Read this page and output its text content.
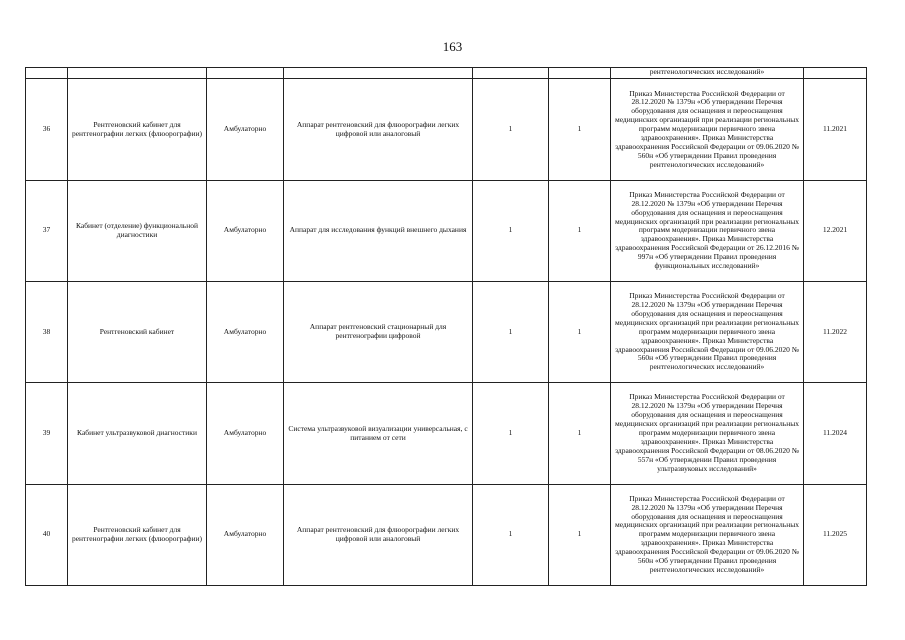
163
						рентгенологических исследований»	
36	Рентгеновский кабинет для рентгенографии легких (флюорографии)	Амбулаторно	Аппарат рентгеновский для флюорографии легких цифровой или аналоговый	1	1	Приказ Министерства Российской Федерации от 28.12.2020 № 1379н «Об утверждении Перечня оборудования для оснащения и переоснащения медицинских организаций при реализации региональных программ модернизации первичного звена здравоохранения». Приказ Министерства здравоохранения Российской Федерации от 09.06.2020 № 560н «Об утверждении Правил проведения рентгенологических исследований»	11.2021
37	Кабинет (отделение) функциональной диагностики	Амбулаторно	Аппарат для исследования функций внешнего дыхания	1	1	Приказ Министерства Российской Федерации от 28.12.2020 № 1379н «Об утверждении Перечня оборудования для оснащения и переоснащения медицинских организаций при реализации региональных программ модернизации первичного звена здравоохранения». Приказ Министерства здравоохранения Российской Федерации от 26.12.2016 № 997н «Об утверждении Правил проведения функциональных исследований»	12.2021
38	Рентгеновский кабинет	Амбулаторно	Аппарат рентгеновский стационарный для рентгенографии цифровой	1	1	Приказ Министерства Российской Федерации от 28.12.2020 № 1379н «Об утверждении Перечня оборудования для оснащения и переоснащения медицинских организаций при реализации региональных программ модернизации первичного звена здравоохранения». Приказ Министерства здравоохранения Российской Федерации от 09.06.2020 № 560н «Об утверждении Правил проведения рентгенологических исследований»	11.2022
39	Кабинет ультразвуковой диагностики	Амбулаторно	Система ультразвуковой визуализации универсальная, с питанием от сети	1	1	Приказ Министерства Российской Федерации от 28.12.2020 № 1379н «Об утверждении Перечня оборудования для оснащения и переоснащения медицинских организаций при реализации региональных программ модернизации первичного звена здравоохранения». Приказ Министерства здравоохранения Российской Федерации от 08.06.2020 № 557н «Об утверждении Правил проведения ультразвуковых исследований»	11.2024
40	Рентгеновский кабинет для рентгенографии легких (флюорографии)	Амбулаторно	Аппарат рентгеновский для флюорографии легких цифровой или аналоговый	1	1	Приказ Министерства Российской Федерации от 28.12.2020 № 1379н «Об утверждении Перечня оборудования для оснащения и переоснащения медицинских организаций при реализации региональных программ модернизации первичного звена здравоохранения». Приказ Министерства здравоохранения Российской Федерации от 09.06.2020 № 560н «Об утверждении Правил проведения рентгенологических исследований»	11.2025
